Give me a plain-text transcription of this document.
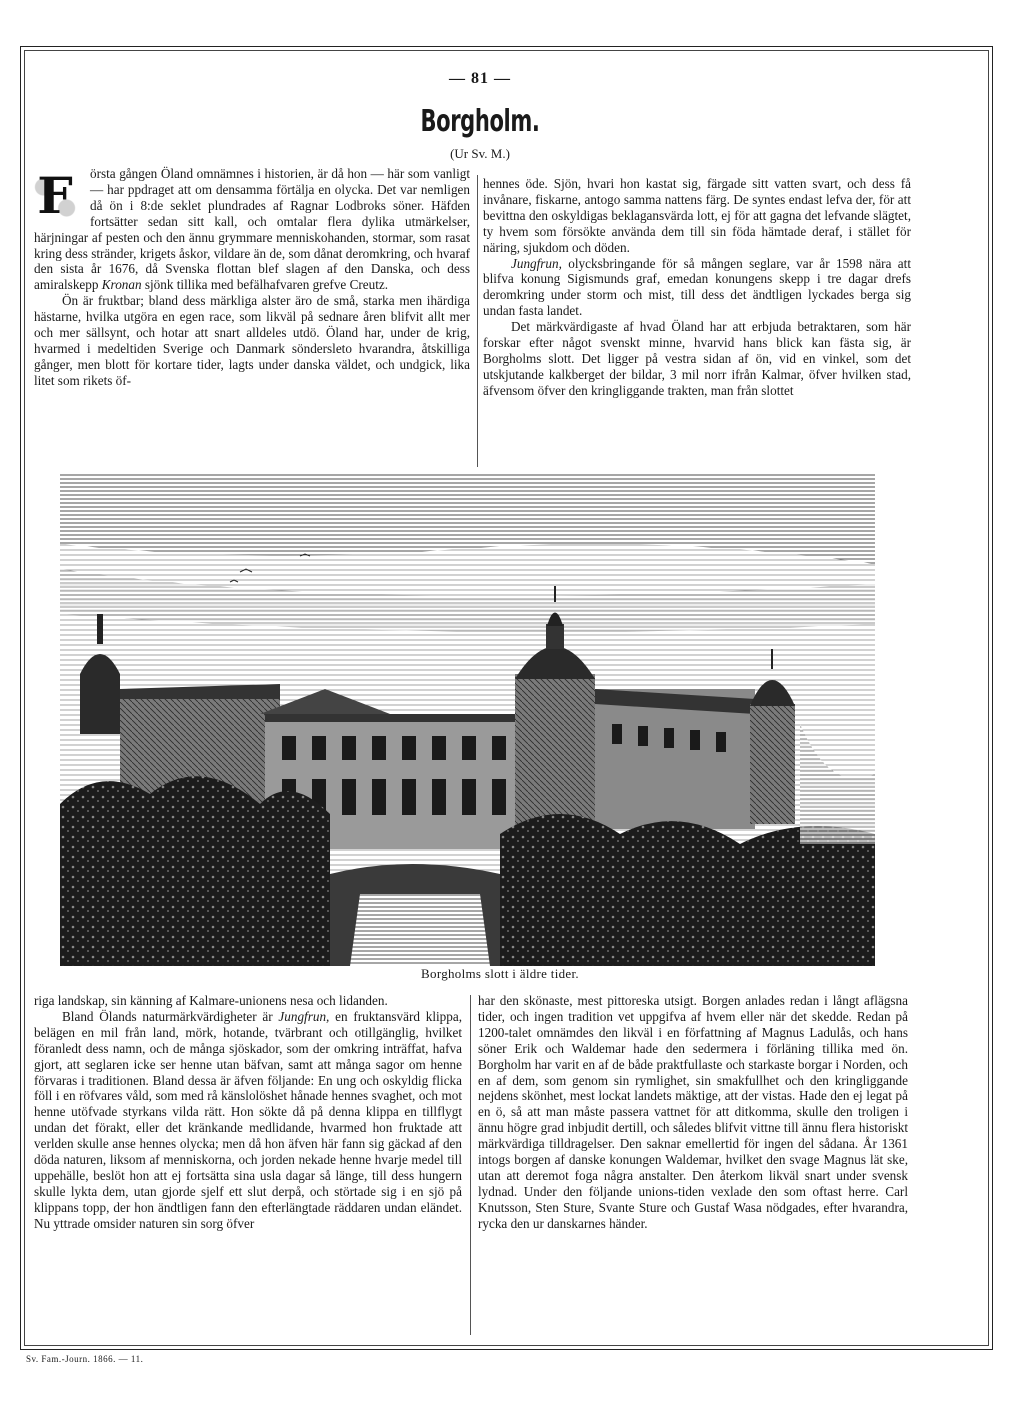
— 81 —
Borgholm.
(Ur Sv. M.)

F	örsta gången Öland omnämnes i historien, är då hon — här som vanligt — har ppdraget att om densamma förtälja en olycka. Det var nemligen då ön i 8:de seklet plundrades af Ragnar Lodbroks söner. Häfden fortsätter sedan sitt kall, och omtalar flera dylika utmärkelser, härjningar af pesten och den ännu grymmare menniskohanden, stormar, som rasat kring dess stränder, krigets åskor, vildare än de, som dånat deromkring, och hvaraf den sista år 1676, då Svenska flottan blef slagen af den Danska, och dess amiralskepp Kronan sjönk tillika med befälhafvaren grefve Creutz.

Ön är fruktbar; bland dess märkliga alster äro de små, starka men ihärdiga hästarne, hvilka utgöra en egen race, som likväl på sednare åren blifvit allt mer och mer sällsynt, och hotar att snart alldeles utdö. Öland har, under de krig, hvarmed i medeltiden Sverige och Danmark söndersleto hvarandra, åtskilliga gånger, men blott för kortare tider, lagts under danska väldet, och undgick, lika litet som rikets öf-

hennes öde. Sjön, hvari hon kastat sig, färgade sitt vatten svart, och dess få invånare, fiskarne, antogo samma nattens färg. De syntes endast lefva der, för att bevittna den oskyldigas beklagansvärda lott, ej för att gagna det lefvande slägtet, ty hvem som försökte använda dem till sin föda hämtade deraf, i stället för näring, sjukdom och döden.

Jungfrun, olycksbringande för så mången seglare, var år 1598 nära att blifva konung Sigismunds graf, emedan konungens skepp i tre dagar drefs deromkring under storm och mist, till dess det ändtligen lyckades berga sig undan fasta landet.

Det märkvärdigaste af hvad Öland har att erbjuda betraktaren, som här forskar efter något svenskt minne, hvarvid hans blick kan fästa sig, är Borgholms slott. Det ligger på vestra sidan af ön, vid en vinkel, som det utskjutande kalkberget der bildar, 3 mil norr ifrån Kalmar, öfver hvilken stad, äfvensom öfver den kringliggande trakten, man från slottet

Borgholms slott i äldre tider.

riga landskap, sin känning af Kalmare-unionens nesa och lidanden.

Bland Ölands naturmärkvärdigheter är Jungfrun, en fruktansvärd klippa, belägen en mil från land, mörk, hotande, tvärbrant och otillgänglig, hvilket föranledt dess namn, och de många sjöskador, som der omkring inträffat, hafva gjort, att seglaren icke ser henne utan bäfvan, samt att många sagor om henne förvaras i traditionen. Bland dessa är äfven följande: En ung och oskyldig flicka föll i en röfvares våld, som med rå känslolöshet hånade hennes svaghet, och mot henne utöfvade styrkans vilda rätt. Hon sökte då på denna klippa en tillflygt undan det förakt, eller det kränkande medlidande, hvarmed hon fruktade att verlden skulle anse hennes olycka; men då hon äfven här fann sig gäckad af den döda naturen, liksom af menniskorna, och jorden nekade henne hvarje medel till uppehälle, beslöt hon att ej fortsätta sina usla dagar så länge, till dess hungern skulle lykta dem, utan gjorde sjelf ett slut derpå, och störtade sig i en sjö på klippans topp, der hon ändtligen fann den efterlängtade räddaren undan eländet. Nu yttrade omsider naturen sin sorg öfver

har den skönaste, mest pittoreska utsigt. Borgen anlades redan i långt aflägsna tider, och ingen tradition vet uppgifva af hvem eller när det skedde. Redan på 1200-talet omnämdes den likväl i en författning af Magnus Ladulås, och hans söner Erik och Waldemar hade den sedermera i förläning tillika med ön. Borgholm har varit en af de både praktfullaste och starkaste borgar i Norden, och en af dem, som genom sin rymlighet, sin smakfullhet och den kringliggande nejdens skönhet, mest lockat landets mäktige, att der vistas. Hade den ej legat på en ö, så att man måste passera vattnet för att ditkomma, skulle den troligen i ännu högre grad inbjudit dertill, och således blifvit vittne till ännu flera historiskt märkvärdiga tilldragelser. Den saknar emellertid för ingen del sådana. År 1361 intogs borgen af danske konungen Waldemar, hvilket den svage Magnus lät ske, utan att deremot foga några anstalter. Den återkom likväl snart under svensk lydnad. Under den följande unions-tiden vexlade den som oftast herre. Carl Knutsson, Sten Sture, Svante Sture och Gustaf Wasa nödgades, efter hvarandra, rycka den ur danskarnes händer.

Sv. Fam.-Journ. 1866. — 11.
